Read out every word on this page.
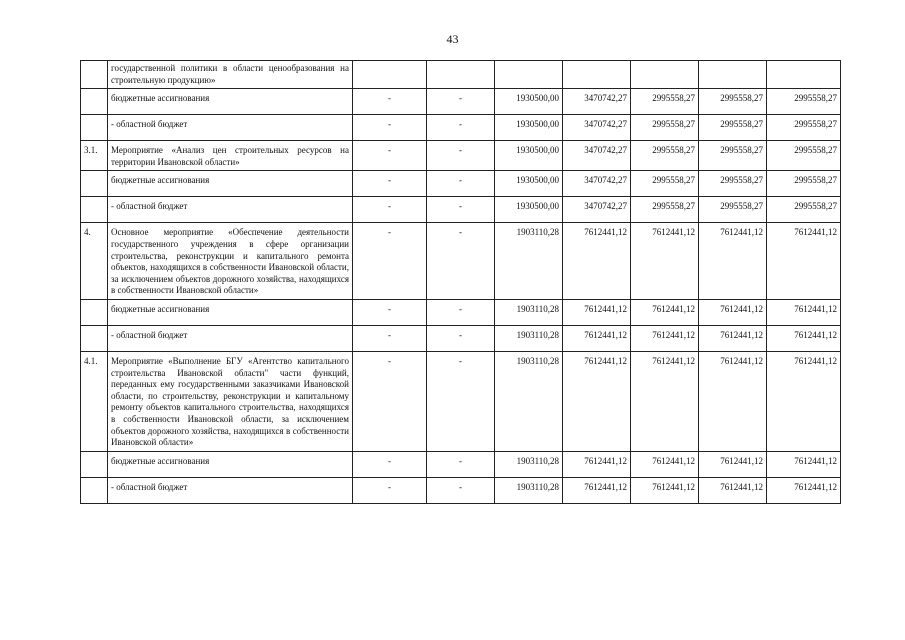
43
	государственной политики в области ценообразования на строительную продукцию»							
	бюджетные ассигнования	-	-	1930500,00	3470742,27	2995558,27	2995558,27	2995558,27
	- областной бюджет	-	-	1930500,00	3470742,27	2995558,27	2995558,27	2995558,27
3.1.	Мероприятие «Анализ цен строительных ресурсов на территории Ивановской области»	-	-	1930500,00	3470742,27	2995558,27	2995558,27	2995558,27
	бюджетные ассигнования	-	-	1930500,00	3470742,27	2995558,27	2995558,27	2995558,27
	- областной бюджет	-	-	1930500,00	3470742,27	2995558,27	2995558,27	2995558,27
4.	Основное мероприятие «Обеспечение деятельности государственного учреждения в сфере организации строительства, реконструкции и капитального ремонта объектов, находящихся в собственности Ивановской области, за исключением объектов дорожного хозяйства, находящихся в собственности Ивановской области»	-	-	1903110,28	7612441,12	7612441,12	7612441,12	7612441,12
	бюджетные ассигнования	-	-	1903110,28	7612441,12	7612441,12	7612441,12	7612441,12
	- областной бюджет	-	-	1903110,28	7612441,12	7612441,12	7612441,12	7612441,12
4.1.	Мероприятие «Выполнение БГУ «Агентство капитального строительства Ивановской области" части функций, переданных ему государственными заказчиками Ивановской области, по строительству, реконструкции и капитальному ремонту объектов капитального строительства, находящихся в собственности Ивановской области, за исключением объектов дорожного хозяйства, находящихся в собственности Ивановской области»	-	-	1903110,28	7612441,12	7612441,12	7612441,12	7612441,12
	бюджетные ассигнования	-	-	1903110,28	7612441,12	7612441,12	7612441,12	7612441,12
	- областной бюджет	-	-	1903110,28	7612441,12	7612441,12	7612441,12	7612441,12
